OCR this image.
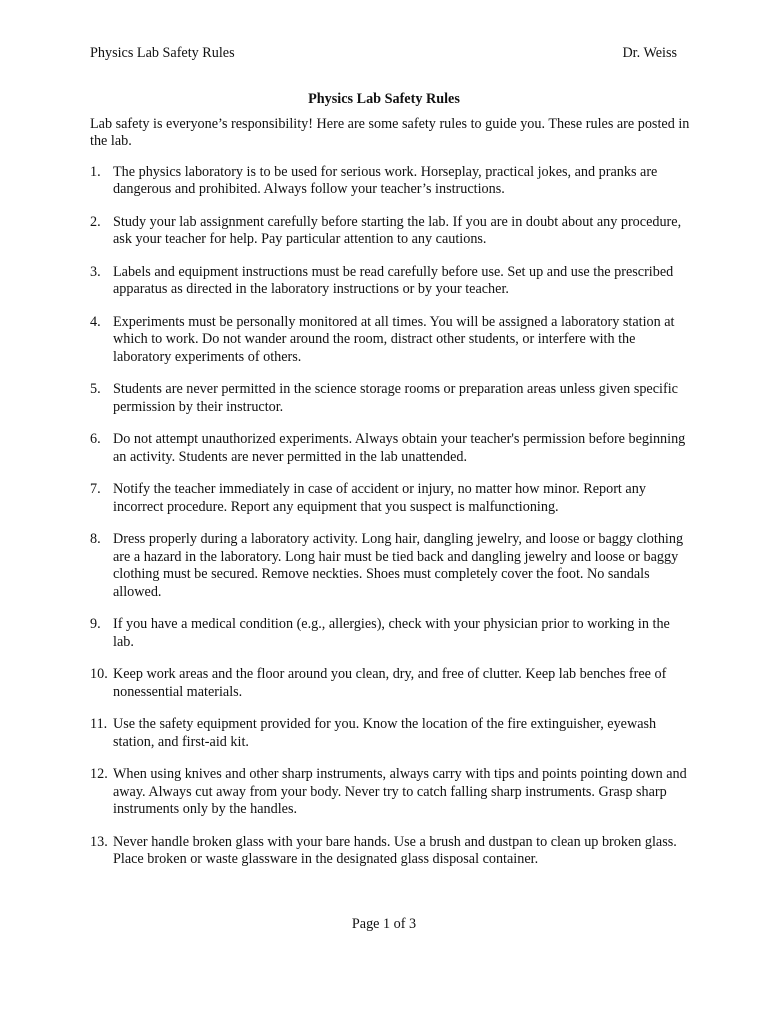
Physics Lab Safety Rules	Dr. Weiss
Physics Lab Safety Rules

Lab safety is everyone’s responsibility! Here are some safety rules to guide you. These rules are posted in the lab.

1. The physics laboratory is to be used for serious work. Horseplay, practical jokes, and pranks are dangerous and prohibited. Always follow your teacher’s instructions.
2. Study your lab assignment carefully before starting the lab. If you are in doubt about any procedure, ask your teacher for help. Pay particular attention to any cautions.
3. Labels and equipment instructions must be read carefully before use. Set up and use the prescribed apparatus as directed in the laboratory instructions or by your teacher.
4. Experiments must be personally monitored at all times. You will be assigned a laboratory station at which to work. Do not wander around the room, distract other students, or interfere with the laboratory experiments of others.
5. Students are never permitted in the science storage rooms or preparation areas unless given specific permission by their instructor.
6. Do not attempt unauthorized experiments. Always obtain your teacher's permission before beginning an activity. Students are never permitted in the lab unattended.
7. Notify the teacher immediately in case of accident or injury, no matter how minor. Report any incorrect procedure. Report any equipment that you suspect is malfunctioning.
8. Dress properly during a laboratory activity. Long hair, dangling jewelry, and loose or baggy clothing are a hazard in the laboratory. Long hair must be tied back and dangling jewelry and loose or baggy clothing must be secured. Remove neckties. Shoes must completely cover the foot. No sandals allowed.
9. If you have a medical condition (e.g., allergies), check with your physician prior to working in the lab.
10. Keep work areas and the floor around you clean, dry, and free of clutter. Keep lab benches free of nonessential materials.
11. Use the safety equipment provided for you. Know the location of the fire extinguisher, eyewash station, and first-aid kit.
12. When using knives and other sharp instruments, always carry with tips and points pointing down and away. Always cut away from your body. Never try to catch falling sharp instruments. Grasp sharp instruments only by the handles.
13. Never handle broken glass with your bare hands. Use a brush and dustpan to clean up broken glass. Place broken or waste glassware in the designated glass disposal container.
Page 1 of 3
